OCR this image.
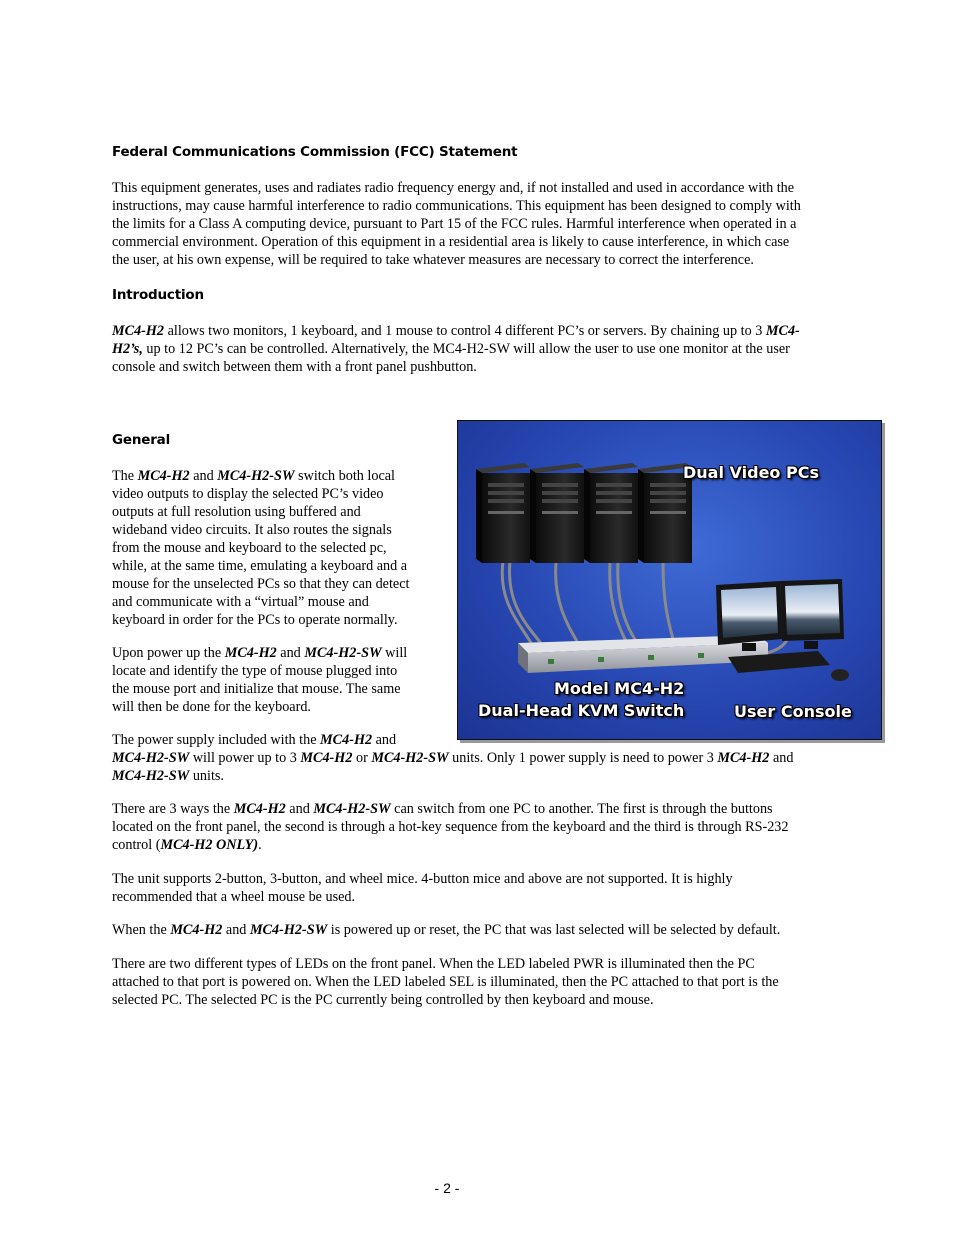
Federal Communications Commission (FCC) Statement
This equipment generates, uses and radiates radio frequency energy and, if not installed and used in accordance with the
instructions, may cause harmful interference to radio communications. This equipment has been designed to comply with
the limits for a Class A computing device, pursuant to Part 15 of the FCC rules. Harmful interference when operated in a
commercial environment. Operation of this equipment in a residential area is likely to cause interference, in which case
the user, at his own expense, will be required to take whatever measures are necessary to correct the interference.
Introduction
MC4-H2 allows two monitors, 1 keyboard, and 1 mouse to control 4 different PC’s or servers. By chaining up to 3 MC4-
H2’s, up to 12 PC’s can be controlled. Alternatively, the MC4-H2-SW will allow the user to use one monitor at the user
console and switch between them with a front panel pushbutton.
General
The MC4-H2 and MC4-H2-SW switch both local
video outputs to display the selected PC’s video
outputs at full resolution using buffered and
wideband video circuits. It also routes the signals
from the mouse and keyboard to the selected pc,
while, at the same time, emulating a keyboard and a
mouse for the unselected PCs so that they can detect
and communicate with a “virtual” mouse and
keyboard in order for the PCs to operate normally.
Upon power up the MC4-H2 and MC4-H2-SW will
locate and identify the type of mouse plugged into
the mouse port and initialize that mouse. The same
will then be done for the keyboard.
The power supply included with the MC4-H2 and
MC4-H2-SW will power up to 3 MC4-H2 or MC4-H2-SW units. Only 1 power supply is need to power 3 MC4-H2 and
MC4-H2-SW units.
There are 3 ways the MC4-H2 and MC4-H2-SW can switch from one PC to another. The first is through the buttons
located on the front panel, the second is through a hot-key sequence from the keyboard and the third is through RS-232
control (MC4-H2 ONLY).
The unit supports 2-button, 3-button, and wheel mice. 4-button mice and above are not supported. It is highly
recommended that a wheel mouse be used.
When the MC4-H2 and MC4-H2-SW is powered up or reset, the PC that was last selected will be selected by default.
There are two different types of LEDs on the front panel. When the LED labeled PWR is illuminated then the PC
attached to that port is powered on. When the LED labeled SEL is illuminated, then the PC attached to that port is the
selected PC. The selected PC is the PC currently being controlled by then keyboard and mouse.
Dual Video PCs
Model MC4-H2
Dual-Head KVM Switch	User Console
- 2 -
